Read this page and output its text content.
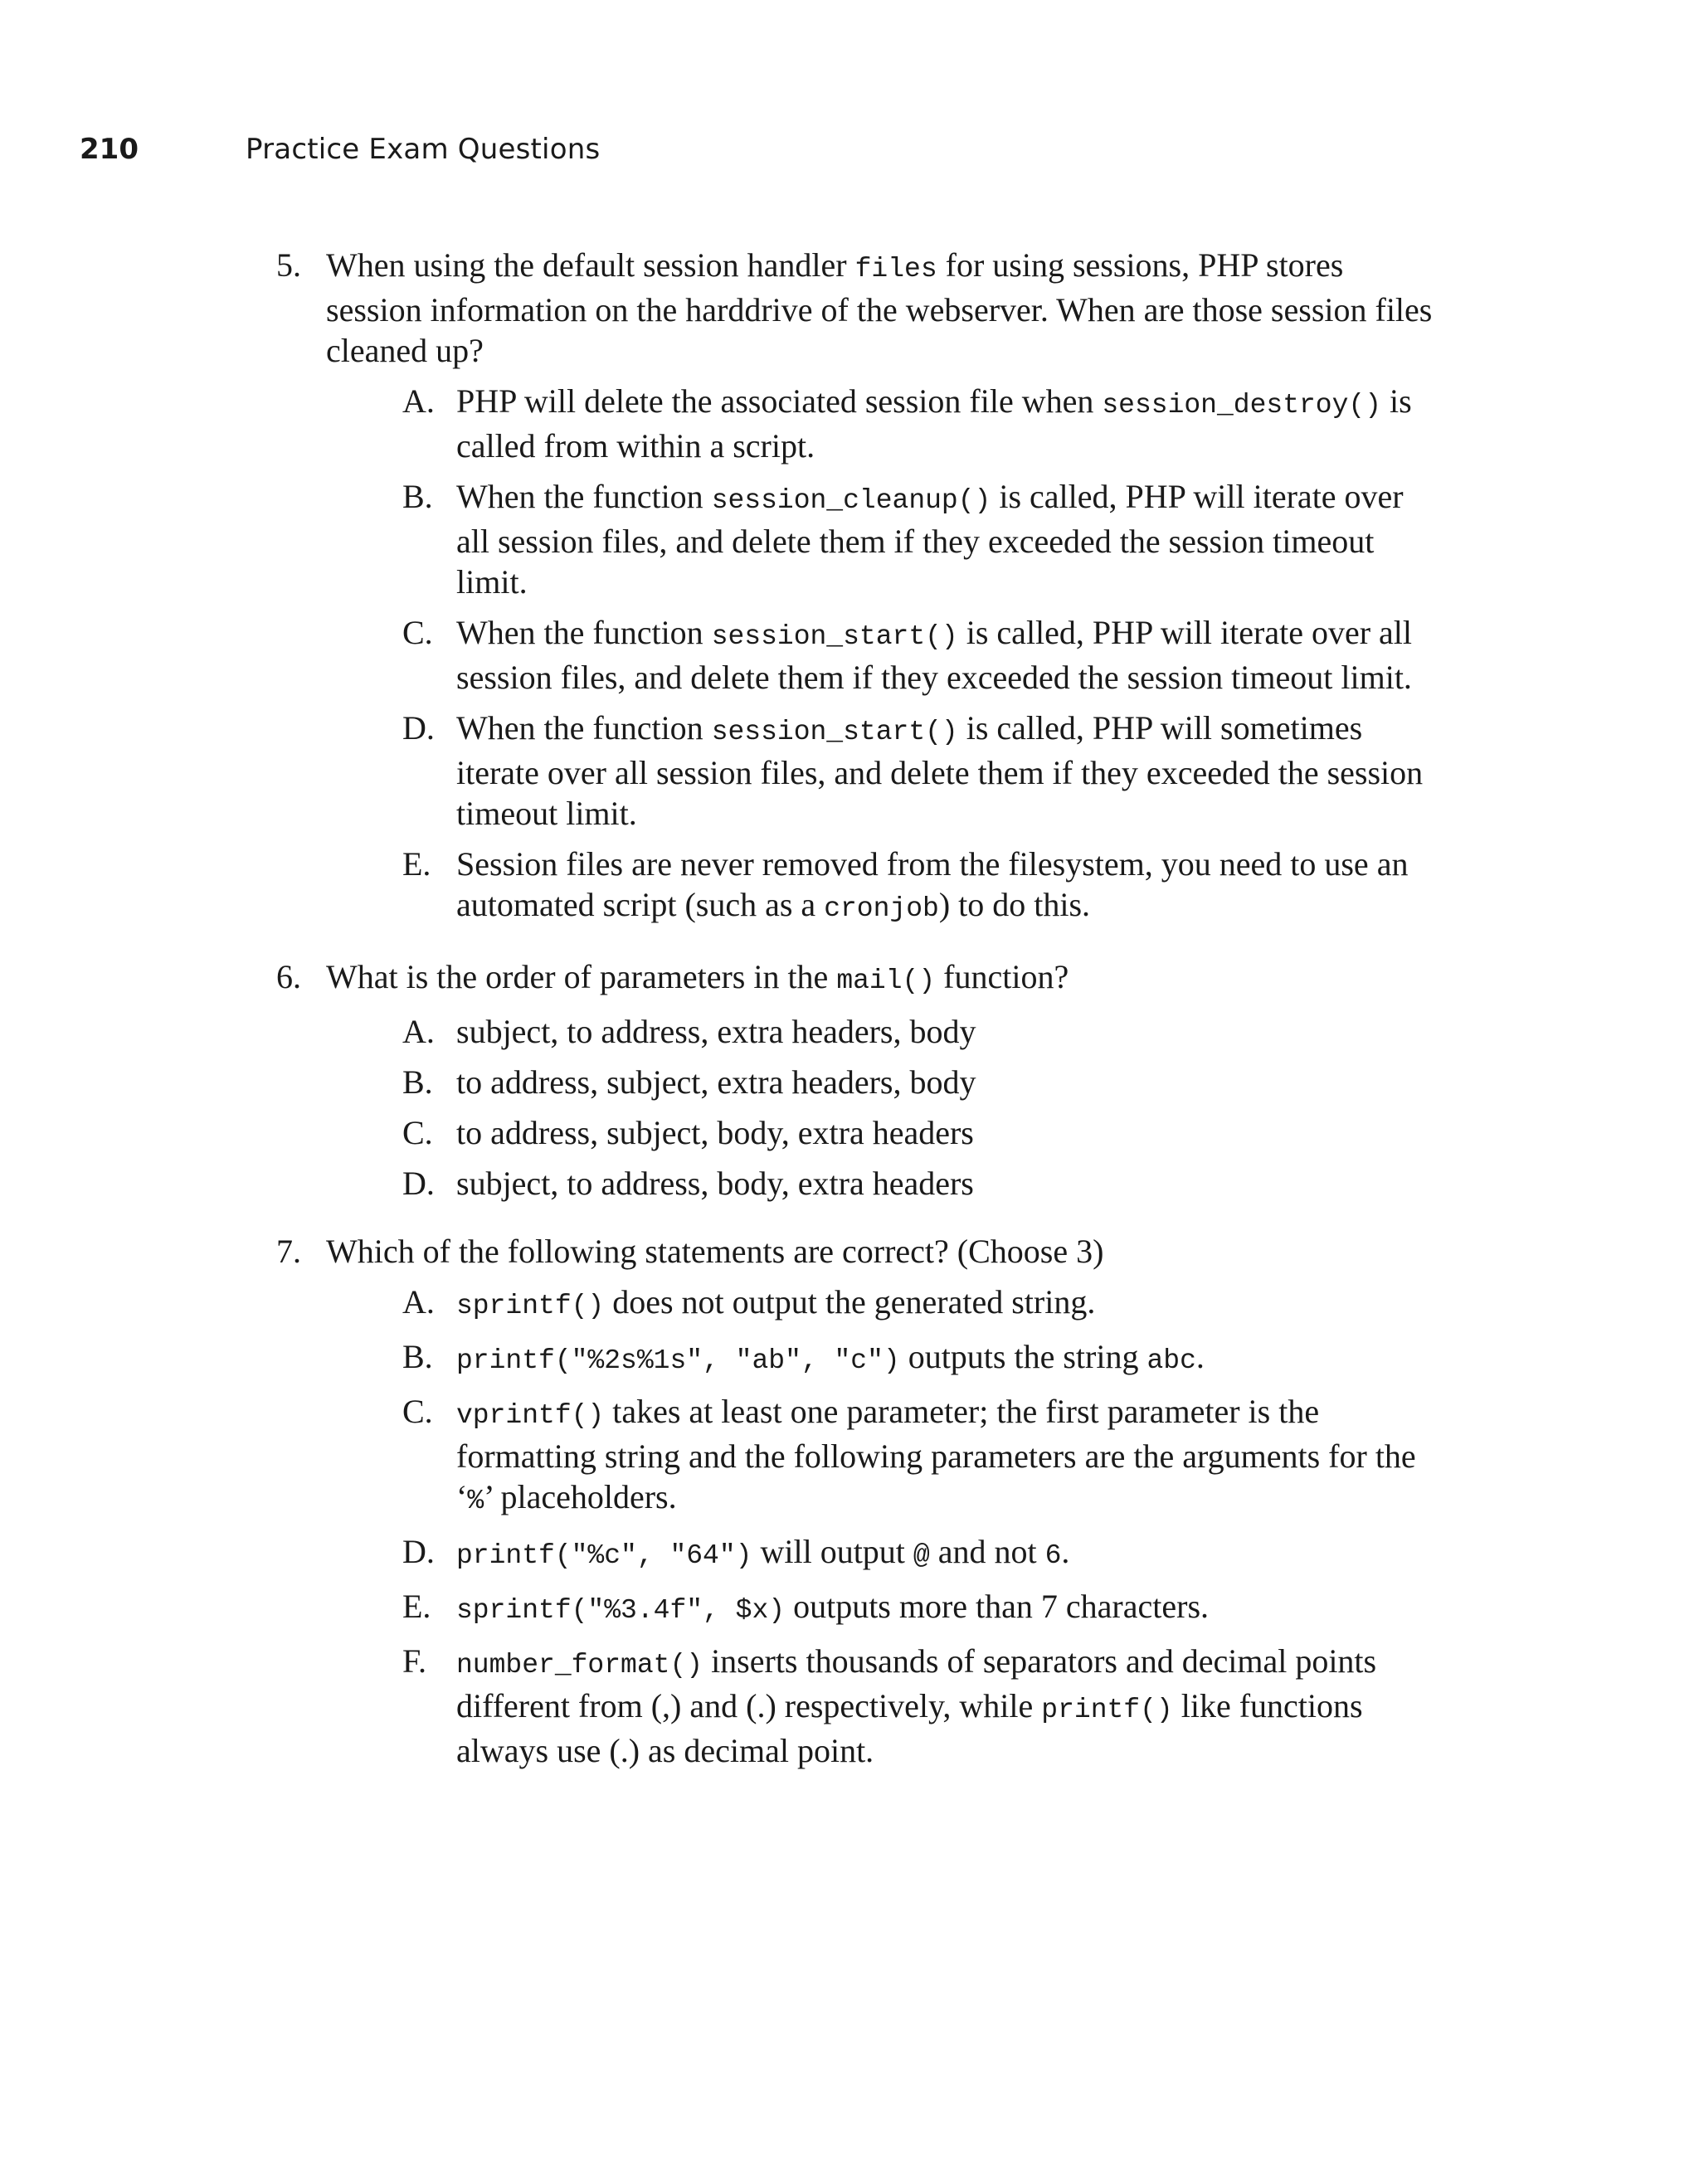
210	Practice Exam Questions
5. When using the default session handler files for using sessions, PHP stores session information on the harddrive of the webserver. When are those session files cleaned up?

A. PHP will delete the associated session file when session_destroy() is called from within a script.
B. When the function session_cleanup() is called, PHP will iterate over all session files, and delete them if they exceeded the session timeout limit.
C. When the function session_start() is called, PHP will iterate over all session files, and delete them if they exceeded the session timeout limit.
D. When the function session_start() is called, PHP will sometimes iterate over all session files, and delete them if they exceeded the session timeout limit.
E. Session files are never removed from the filesystem, you need to use an automated script (such as a cronjob) to do this.
6. What is the order of parameters in the mail() function?

A. subject, to address, extra headers, body
B. to address, subject, extra headers, body
C. to address, subject, body, extra headers
D. subject, to address, body, extra headers
7. Which of the following statements are correct? (Choose 3)

A. sprintf() does not output the generated string.
B. printf("%2s%1s", "ab", "c") outputs the string abc.
C. vprintf() takes at least one parameter; the first parameter is the formatting string and the following parameters are the arguments for the ‘%’ placeholders.
D. printf("%c", "64") will output @ and not 6.
E. sprintf("%3.4f", $x) outputs more than 7 characters.
F. number_format() inserts thousands of separators and decimal points different from (,) and (.) respectively, while printf() like functions always use (.) as decimal point.
